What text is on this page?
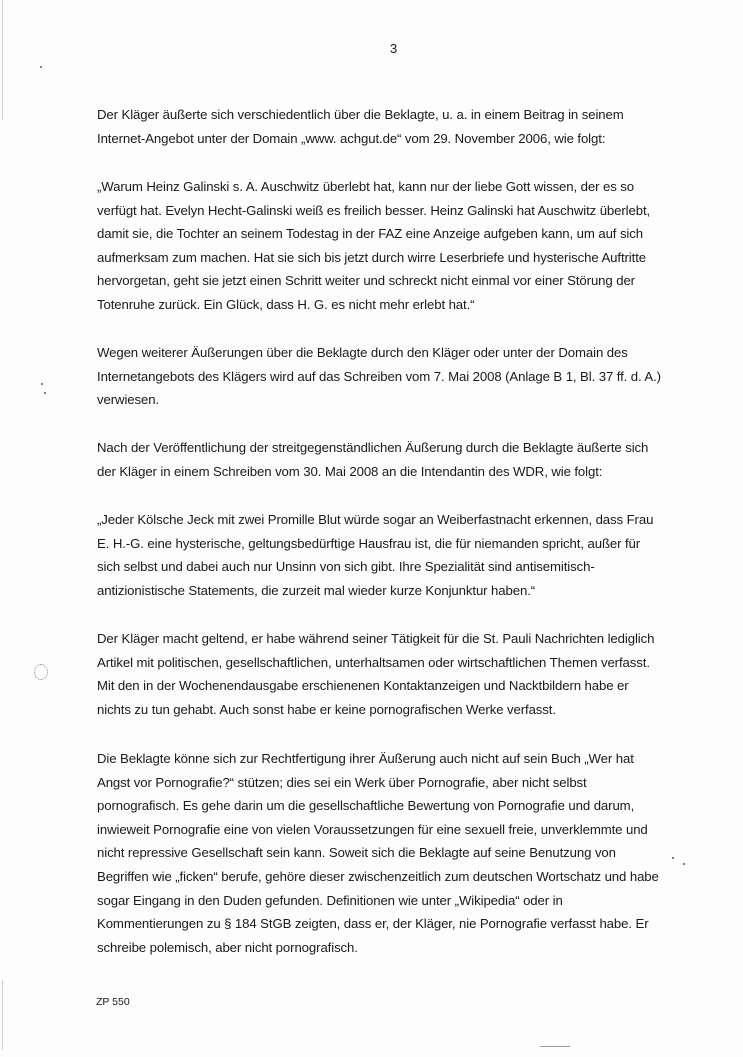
3
Der Kläger äußerte sich verschiedentlich über die Beklagte, u. a. in einem Beitrag in seinem
Internet-Angebot unter der Domain „www. achgut.de“ vom 29. November 2006, wie folgt:
„Warum Heinz Galinski s. A. Auschwitz überlebt hat, kann nur der liebe Gott wissen, der es so
verfügt hat. Evelyn Hecht-Galinski weiß es freilich besser. Heinz Galinski hat Auschwitz überlebt,
damit sie, die Tochter an seinem Todestag in der FAZ eine Anzeige aufgeben kann, um auf sich
aufmerksam zum machen. Hat sie sich bis jetzt durch wirre Leserbriefe und hysterische Auftritte
hervorgetan, geht sie jetzt einen Schritt weiter und schreckt nicht einmal vor einer Störung der
Totenruhe zurück. Ein Glück, dass H. G. es nicht mehr erlebt hat.“
Wegen weiterer Äußerungen über die Beklagte durch den Kläger oder unter der Domain des
Internetangebots des Klägers wird auf das Schreiben vom 7. Mai 2008 (Anlage B 1, Bl. 37 ff. d. A.)
verwiesen.
Nach der Veröffentlichung der streitgegenständlichen Äußerung durch die Beklagte äußerte sich
der Kläger in einem Schreiben vom 30. Mai 2008 an die Intendantin des WDR, wie folgt:
„Jeder Kölsche Jeck mit zwei Promille Blut würde sogar an Weiberfastnacht erkennen, dass Frau
E. H.-G. eine hysterische, geltungsbedürftige Hausfrau ist, die für niemanden spricht, außer für
sich selbst und dabei auch nur Unsinn von sich gibt. Ihre Spezialität sind antisemitisch-
antizionistische Statements, die zurzeit mal wieder kurze Konjunktur haben.“
Der Kläger macht geltend, er habe während seiner Tätigkeit für die St. Pauli Nachrichten lediglich
Artikel mit politischen, gesellschaftlichen, unterhaltsamen oder wirtschaftlichen Themen verfasst.
Mit den in der Wochenendausgabe erschienenen Kontaktanzeigen und Nacktbildern habe er
nichts zu tun gehabt. Auch sonst habe er keine pornografischen Werke verfasst.
Die Beklagte könne sich zur Rechtfertigung ihrer Äußerung auch nicht auf sein Buch „Wer hat
Angst vor Pornografie?“ stützen; dies sei ein Werk über Pornografie, aber nicht selbst
pornografisch. Es gehe darin um die gesellschaftliche Bewertung von Pornografie und darum,
inwieweit Pornografie eine von vielen Voraussetzungen für eine sexuell freie, unverklemmte und
nicht repressive Gesellschaft sein kann. Soweit sich die Beklagte auf seine Benutzung von
Begriffen wie „ficken“ berufe, gehöre dieser zwischenzeitlich zum deutschen Wortschatz und habe
sogar Eingang in den Duden gefunden. Definitionen wie unter „Wikipedia“ oder in
Kommentierungen zu § 184 StGB zeigten, dass er, der Kläger, nie Pornografie verfasst habe. Er
schreibe polemisch, aber nicht pornografisch.
ZP 550
